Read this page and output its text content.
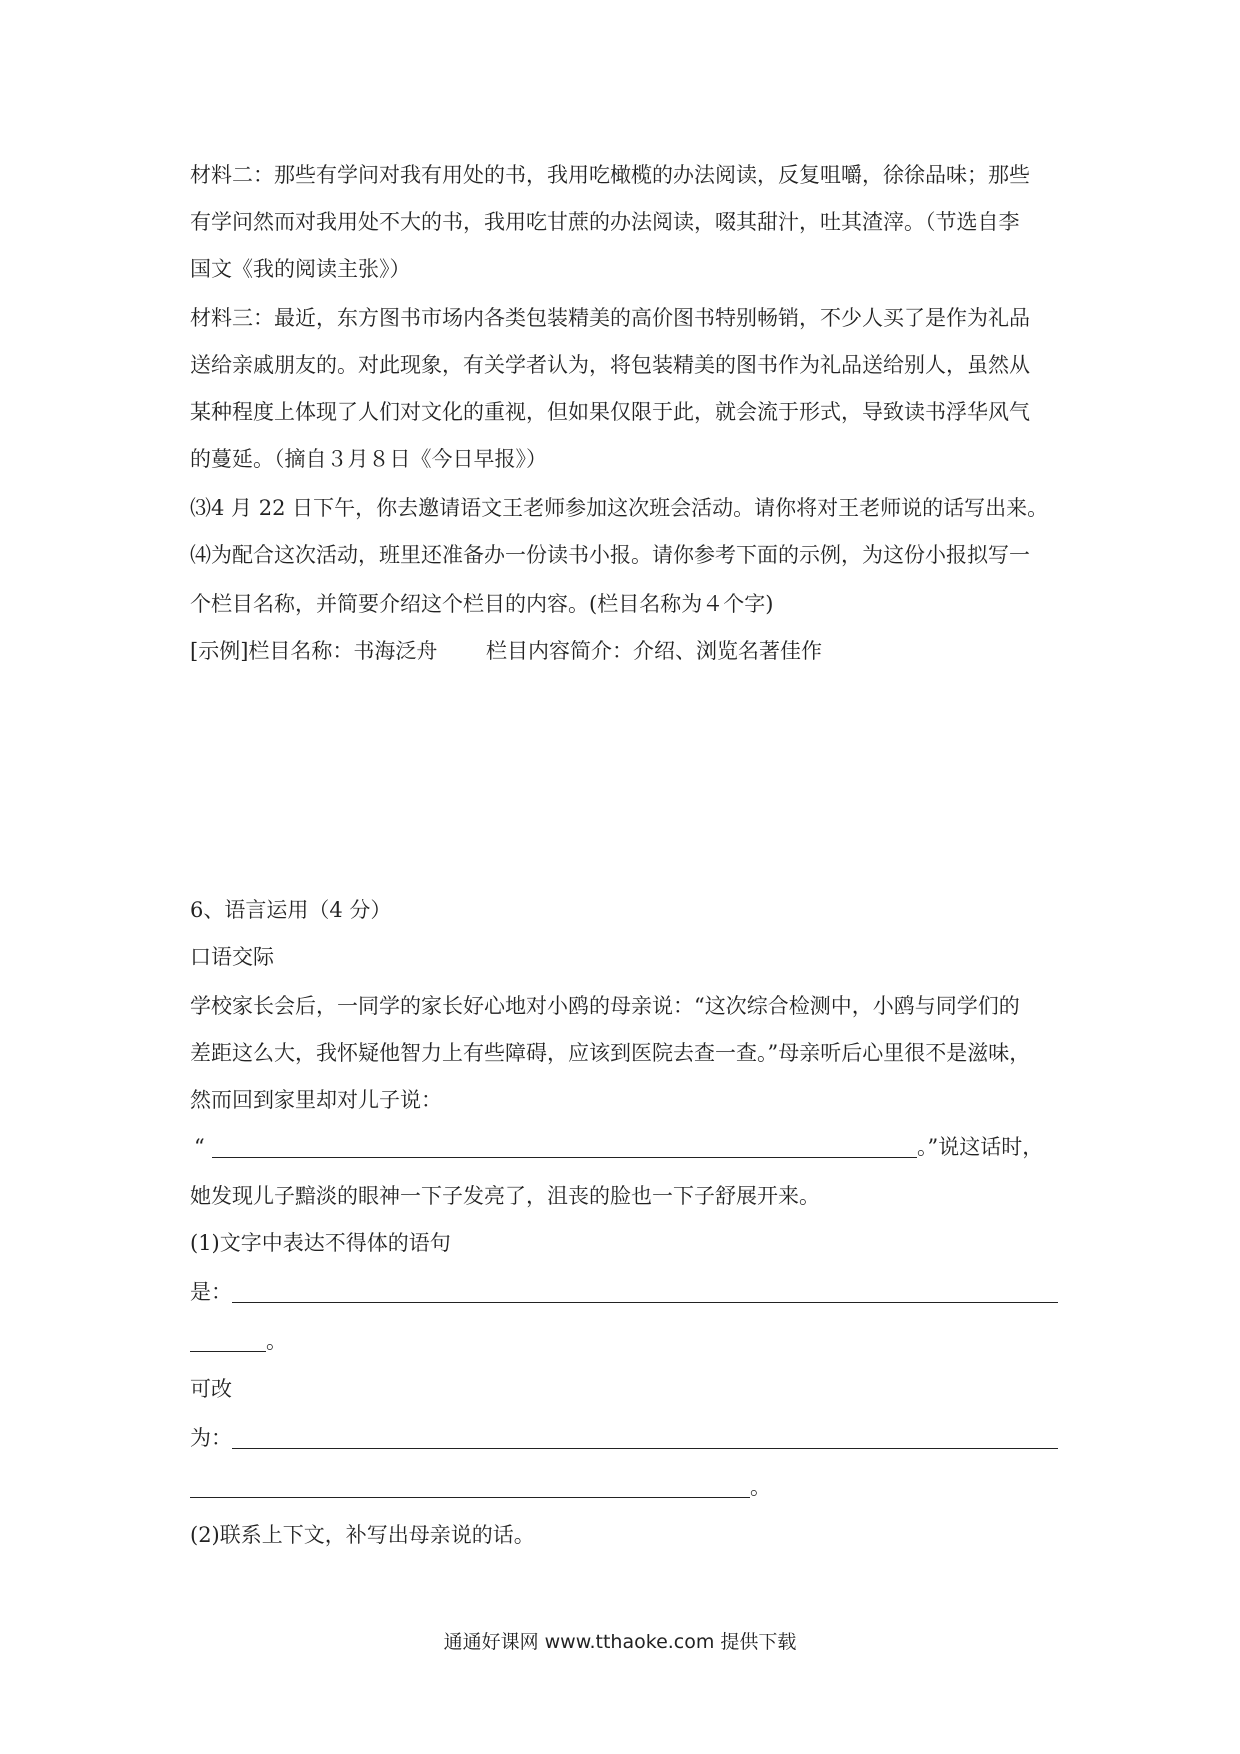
材料二：那些有学问对我有用处的书，我用吃橄榄的办法阅读，反复咀嚼，徐徐品味；那些
有学问然而对我用处不大的书，我用吃甘蔗的办法阅读，啜其甜汁，吐其渣滓。（节选自李
国文《我的阅读主张》）
材料三：最近，东方图书市场内各类包装精美的高价图书特别畅销，不少人买了是作为礼品
送给亲戚朋友的。对此现象，有关学者认为，将包装精美的图书作为礼品送给别人，虽然从
某种程度上体现了人们对文化的重视，但如果仅限于此，就会流于形式，导致读书浮华风气
的蔓延。（摘自３月８日《今日早报》）
⑶4 月 22 日下午，你去邀请语文王老师参加这次班会活动。请你将对王老师说的话写出来。
⑷为配合这次活动，班里还准备办一份读书小报。请你参考下面的示例，为这份小报拟写一
个栏目名称，并简要介绍这个栏目的内容。(栏目名称为４个字)
[示例]栏目名称：书海泛舟　　 栏目内容简介：介绍、浏览名著佳作
6、语言运用（4 分）
口语交际
学校家长会后，一同学的家长好心地对小鸥的母亲说：“这次综合检测中，小鸥与同学们的
差距这么大，我怀疑他智力上有些障碍，应该到医院去查一查。”母亲听后心里很不是滋味，
然而回到家里却对儿子说：
“	。”说这话时，
她发现儿子黯淡的眼神一下子发亮了，沮丧的脸也一下子舒展开来。
(1)文字中表达不得体的语句
是：
。
可改
为：
。
(2)联系上下文，补写出母亲说的话。
通通好课网 www.tthaoke.com 提供下载
